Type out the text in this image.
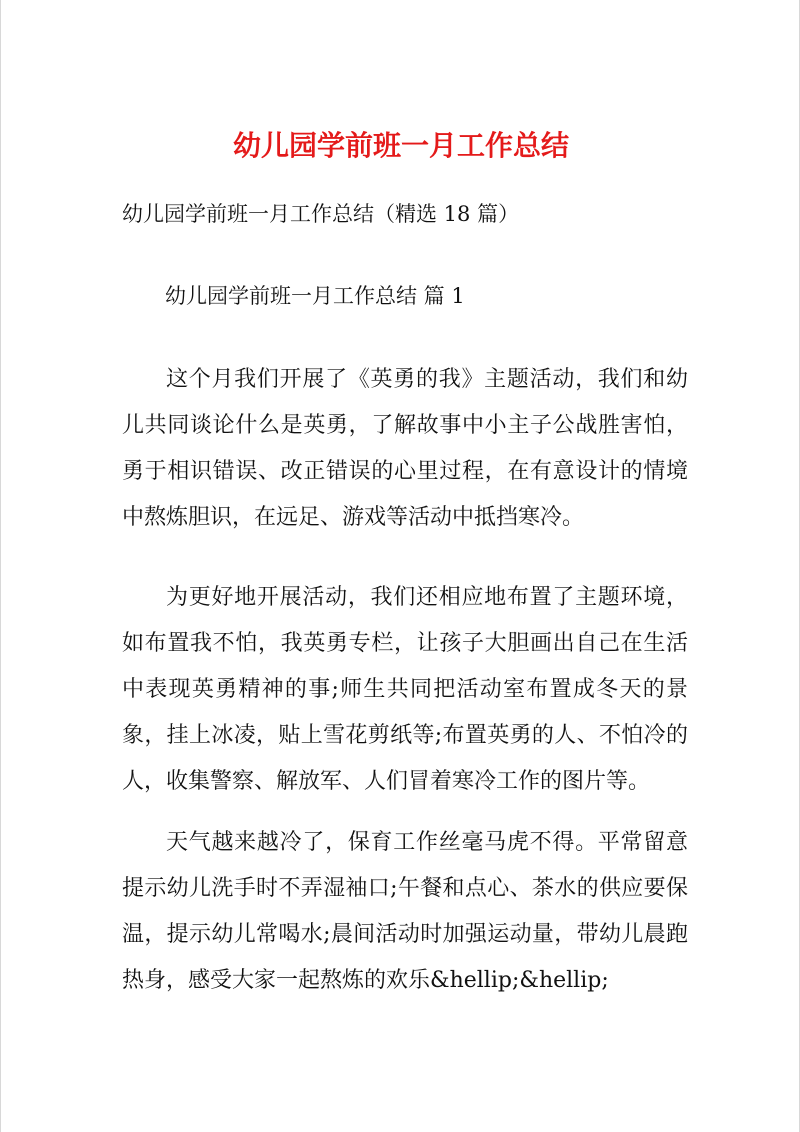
幼儿园学前班一月工作总结

幼儿园学前班一月工作总结（精选 18 篇）

幼儿园学前班一月工作总结 篇 1

这个月我们开展了《英勇的我》主题活动，我们和幼儿共同谈论什么是英勇，了解故事中小主子公战胜害怕，勇于相识错误、改正错误的心里过程，在有意设计的情境中熬炼胆识，在远足、游戏等活动中抵挡寒冷。

为更好地开展活动，我们还相应地布置了主题环境，如布置我不怕，我英勇专栏，让孩子大胆画出自己在生活中表现英勇精神的事;师生共同把活动室布置成冬天的景象，挂上冰凌，贴上雪花剪纸等;布置英勇的人、不怕冷的人，收集警察、解放军、人们冒着寒冷工作的图片等。

天气越来越冷了，保育工作丝毫马虎不得。平常留意提示幼儿洗手时不弄湿袖口;午餐和点心、茶水的供应要保温，提示幼儿常喝水;晨间活动时加强运动量，带幼儿晨跑热身，感受大家一起熬炼的欢乐&hellip;&hellip;
